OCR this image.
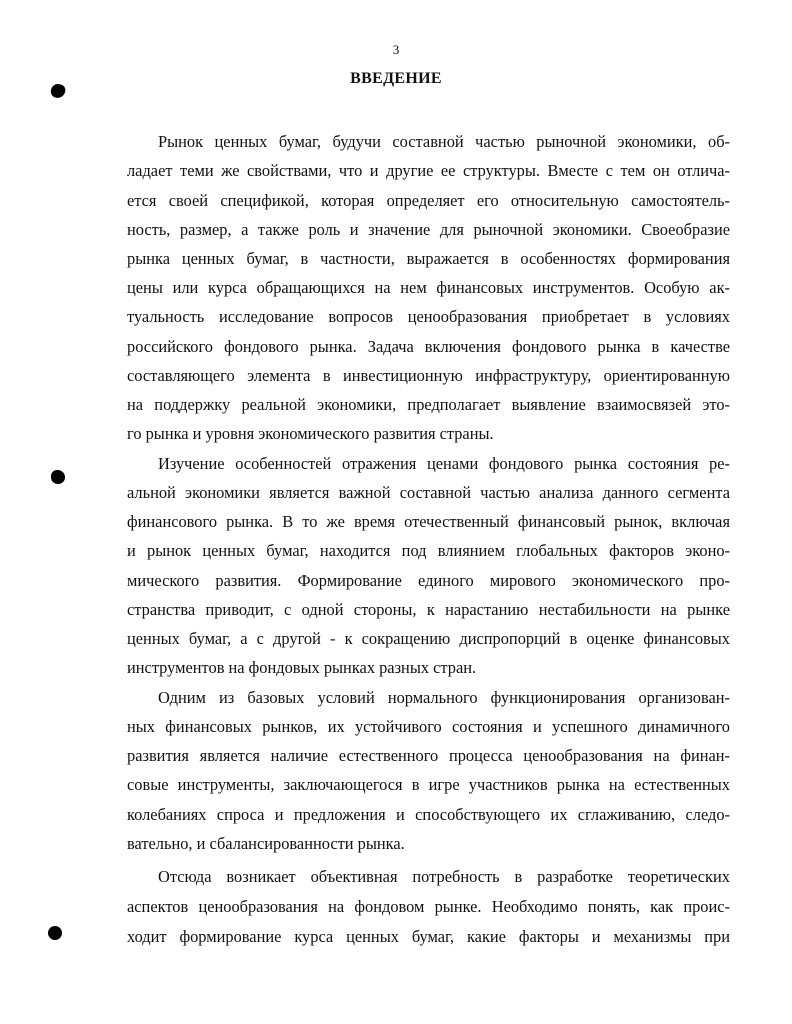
3
ВВЕДЕНИЕ
Рынок ценных бумаг, будучи составной частью рыночной экономики, об-
ладает теми же свойствами, что и другие ее структуры. Вместе с тем он отлича-
ется своей спецификой, которая определяет его относительную самостоятель-
ность, размер, а также роль и значение для рыночной экономики. Своеобразие
рынка ценных бумаг, в частности, выражается в особенностях формирования
цены или курса обращающихся на нем финансовых инструментов. Особую ак-
туальность исследование вопросов ценообразования приобретает в условиях
российского фондового рынка. Задача включения фондового рынка в качестве
составляющего элемента в инвестиционную инфраструктуру, ориентированную
на поддержку реальной экономики, предполагает выявление взаимосвязей это-
го рынка и уровня экономического развития страны.
Изучение особенностей отражения ценами фондового рынка состояния ре-
альной экономики является важной составной частью анализа данного сегмента
финансового рынка. В то же время отечественный финансовый рынок, включая
и рынок ценных бумаг, находится под влиянием глобальных факторов эконо-
мического развития. Формирование единого мирового экономического про-
странства приводит, с одной стороны, к нарастанию нестабильности на рынке
ценных бумаг, а с другой - к сокращению диспропорций в оценке финансовых
инструментов на фондовых рынках разных стран.
Одним из базовых условий нормального функционирования организован-
ных финансовых рынков, их устойчивого состояния и успешного динамичного
развития является наличие естественного процесса ценообразования на финан-
совые инструменты, заключающегося в игре участников рынка на естественных
колебаниях спроса и предложения и способствующего их сглаживанию, следо-
вательно, и сбалансированности рынка.
Отсюда возникает объективная потребность в разработке теоретических
аспектов ценообразования на фондовом рынке. Необходимо понять, как проис-
ходит формирование курса ценных бумаг, какие факторы и механизмы при
